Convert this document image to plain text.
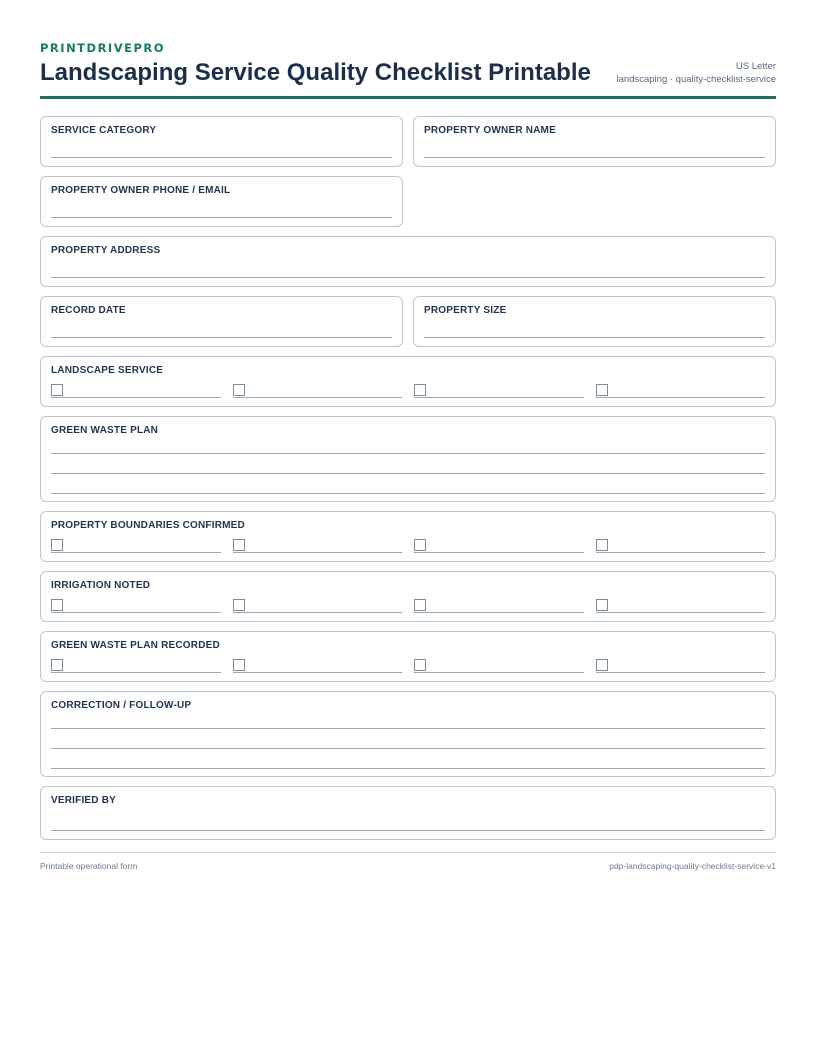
PRINTDRIVEPRO
Landscaping Service Quality Checklist Printable	US Letter
landscaping · quality-checklist-service
SERVICE CATEGORY	PROPERTY OWNER NAME
PROPERTY OWNER PHONE / EMAIL
PROPERTY ADDRESS
RECORD DATE	PROPERTY SIZE
LANDSCAPE SERVICE
GREEN WASTE PLAN
PROPERTY BOUNDARIES CONFIRMED
IRRIGATION NOTED
GREEN WASTE PLAN RECORDED
CORRECTION / FOLLOW-UP
VERIFIED BY
Printable operational form	pdp-landscaping-quality-checklist-service-v1
